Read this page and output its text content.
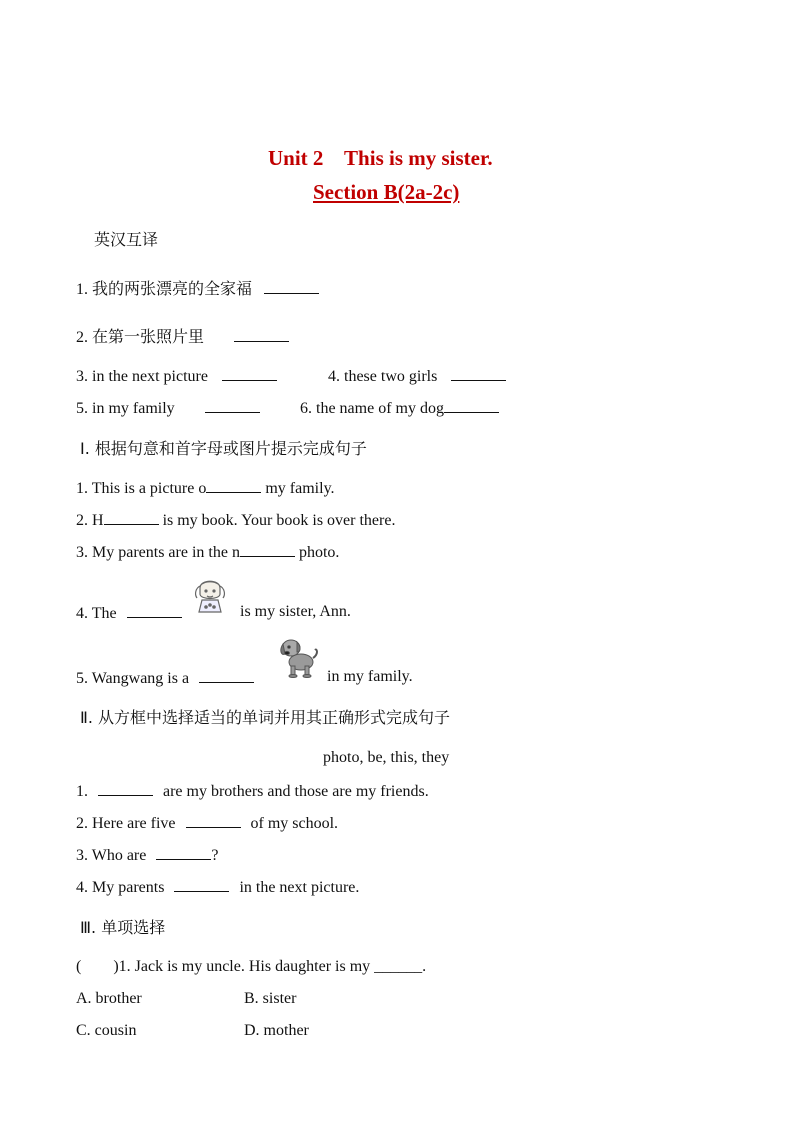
Unit 2    This is my sister.
Section B(2a-2c)
英汉互译
1. 我的两张漂亮的全家福
2. 在第一张照片里
3. in the next picture	4. these two girls
5. in my family	6. the name of my dog
Ⅰ. 根据句意和首字母或图片提示完成句子
1. This is a picture o	my family.
2. H	is my book. Your book is over there.
3. My parents are in the n	photo.
4. The	is my sister, Ann.
5. Wangwang is a	in my family.
Ⅱ. 从方框中选择适当的单词并用其正确形式完成句子
photo, be, this, they
1.	are my brothers and those are my friends.
2. Here are five	of my school.
3. Who are	?
4. My parents	in the next picture.
Ⅲ. 单项选择
(        )1. Jack is my uncle. His daughter is my ______.
A. brother	B. sister
C. cousin	D. mother
